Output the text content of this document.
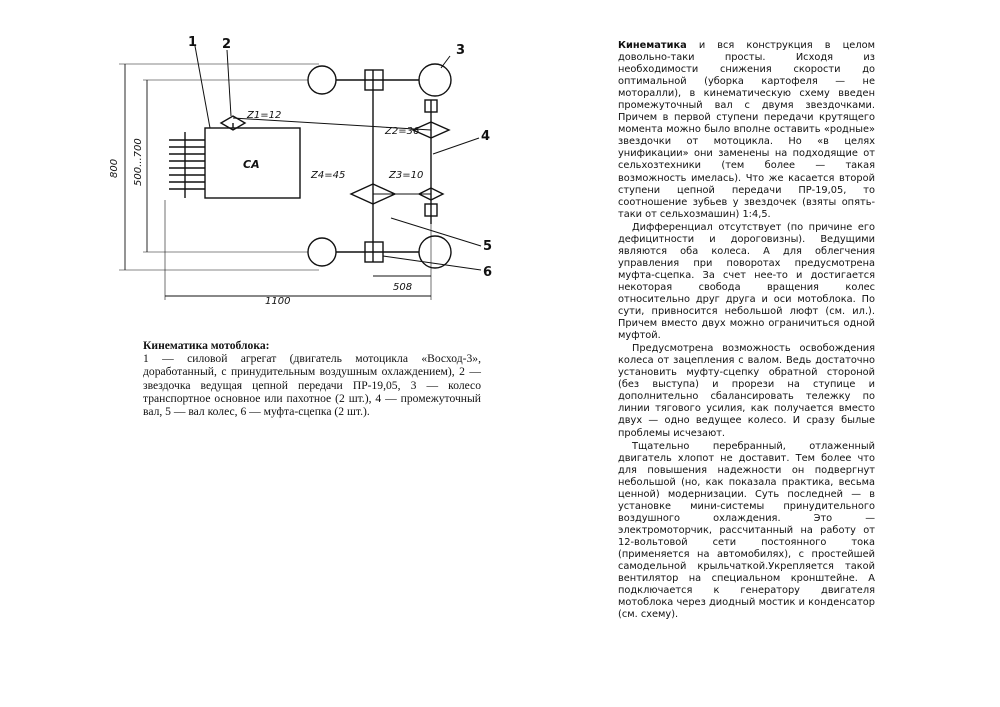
1 2	3
4
5
6
СА
Z1=12
Z2=36
Z3=10
Z4=45
800 500...700
508
1100
Кинематика мотоблока:
1 — силовой агрегат (двигатель мотоцикла «Восход-3», доработанный, с принудительным воздушным охлаждением), 2 — звездочка ведущая цепной передачи ПР-19,05, 3 — колесо транспортное основное или пахотное (2 шт.), 4 — промежуточный вал, 5 — вал колес, 6 — муфта-сцепка (2 шт.).

Кинематика и вся конструкция в целом довольно-таки просты. Исходя из необходимости снижения скорости до оптимальной (уборка картофеля — не моторалли), в кинематическую схему введен промежуточный вал с двумя звездочками. Причем в первой ступени передачи крутящего момента можно было вполне оставить «родные» звездочки от мотоцикла. Но «в целях унификации» они заменены на подходящие от сельхозтехники (тем более — такая возможность имелась). Что же касается второй ступени цепной передачи ПР-19,05, то соотношение зубьев у звездочек (взяты опять-таки от сельхозмашин) 1:4,5.

Дифференциал отсутствует (по причине его дефицитности и дороговизны). Ведущими являются оба колеса. А для облегчения управления при поворотах предусмотрена муфта-сцепка. За счет нее-то и достигается некоторая свобода вращения колес относительно друг друга и оси мотоблока. По сути, привносится небольшой люфт (см. ил.). Причем вместо двух можно ограничиться одной муфтой.

Предусмотрена возможность освобождения колеса от зацепления с валом. Ведь достаточно установить муфту-сцепку обратной стороной (без выступа) и прорези на ступице и дополнительно сбалансировать тележку по линии тягового усилия, как получается вместо двух — одно ведущее колесо. И сразу былые проблемы исчезают.

Тщательно перебранный, отлаженный двигатель хлопот не доставит. Тем более что для повышения надежности он подвергнут небольшой (но, как показала практика, весьма ценной) модернизации. Суть последней — в установке мини-системы принудительного воздушного охлаждения. Это — электромоторчик, рассчитанный на работу от 12-вольтовой сети постоянного тока (применяется на автомобилях), с простейшей самодельной крыльчаткой.Укрепляется такой вентилятор на специальном кронштейне. А подключается к генератору двигателя мотоблока через диодный мостик и конденсатор (см. схему).
